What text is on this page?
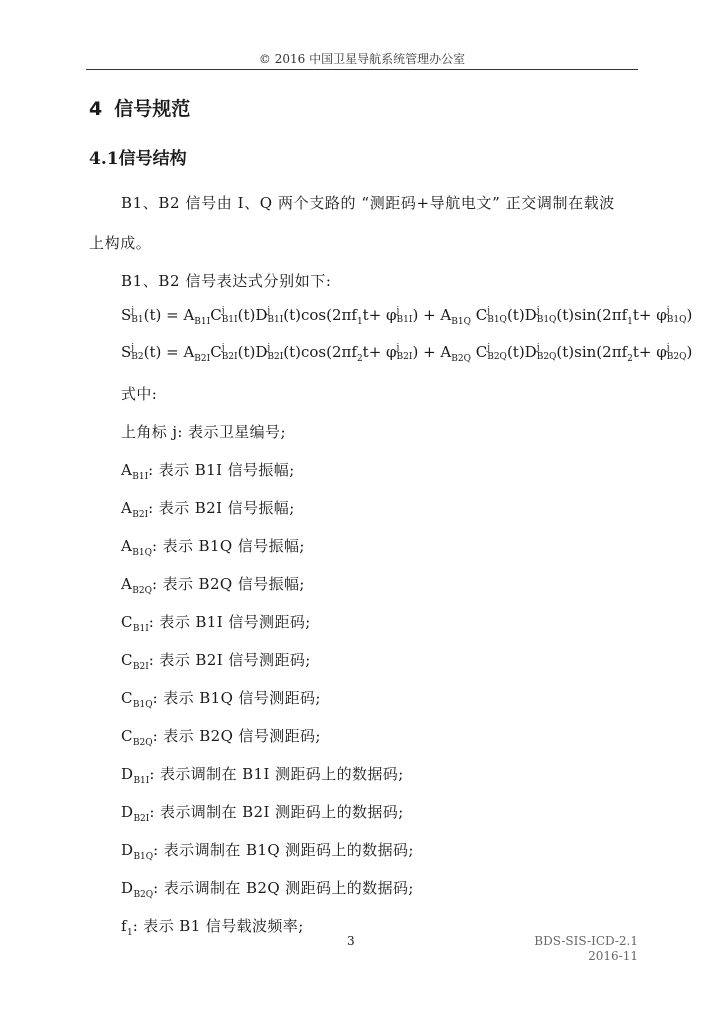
© 2016 中国卫星导航系统管理办公室
4 信号规范
4.1信号结构
B1、B2 信号由 I、Q 两个支路的 “测距码+导航电文” 正交调制在载波
上构成。
B1、B2 信号表达式分别如下:
S j
B1 $(t) = A_{B1I}C$ j
B1I (t)D j
B1I $(t)\cos(2\pi f_1t+ \varphi$ j
B1I ) + $A_{B1Q}$ C j
B1Q (t)D j
B1Q $(t)\sin(2\pi f_1t+ \varphi$ j
B1Q )
S j
B2 $(t) = A_{B2I}C$ j
B2I (t)D j
B2I $(t)\cos(2\pi f_2t+ \varphi$ j
B2I ) + $A_{B2Q}$ C j
B2Q (t)D j
B2Q $(t)\sin(2\pi f_2t+ \varphi$ j
B2Q )
式中:
上角标 j: 表示卫星编号;
$A_{B1I}$: 表示 B1I 信号振幅;
$A_{B2I}$: 表示 B2I 信号振幅;
$A_{B1Q}$: 表示 B1Q 信号振幅;
$A_{B2Q}$: 表示 B2Q 信号振幅;
$C_{B1I}$: 表示 B1I 信号测距码;
$C_{B2I}$: 表示 B2I 信号测距码;
$C_{B1Q}$: 表示 B1Q 信号测距码;
$C_{B2Q}$: 表示 B2Q 信号测距码;
$D_{B1I}$: 表示调制在 B1I 测距码上的数据码;
$D_{B2I}$: 表示调制在 B2I 测距码上的数据码;
$D_{B1Q}$: 表示调制在 B1Q 测距码上的数据码;
$D_{B2Q}$: 表示调制在 B2Q 测距码上的数据码;
$f_1$: 表示 B1 信号载波频率;
3	BDS-SIS-ICD-2.1
2016-11
